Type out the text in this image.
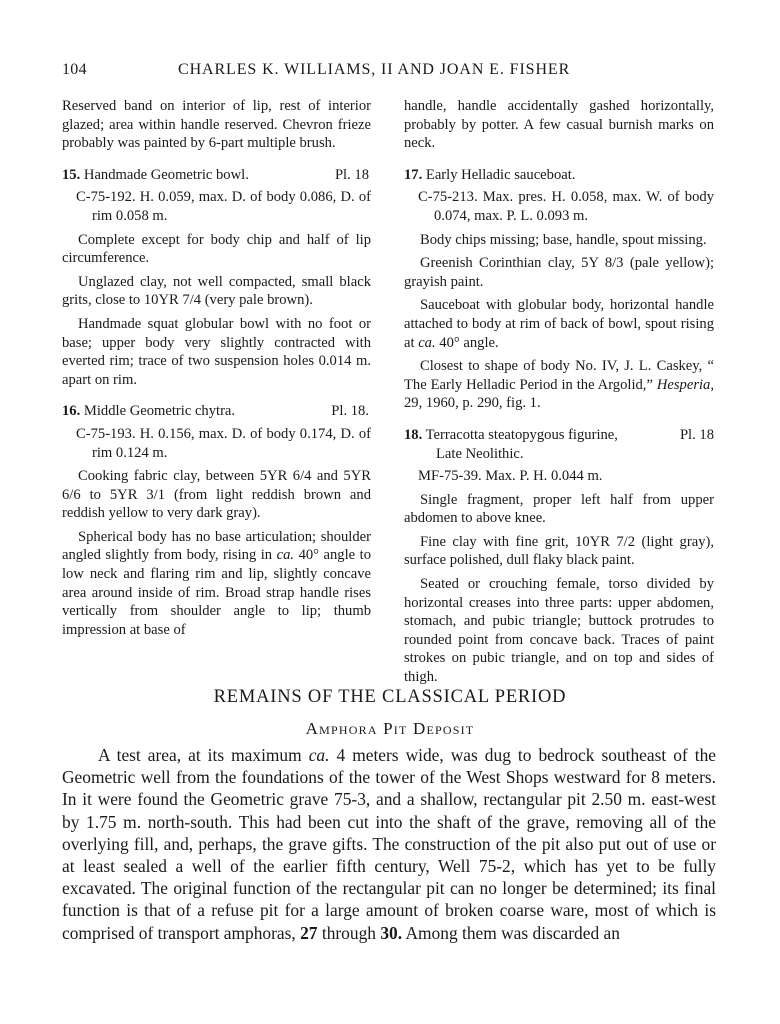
104	CHARLES K. WILLIAMS, II AND JOAN E. FISHER

Reserved band on interior of lip, rest of interior glazed; area within handle reserved. Chevron frieze probably was painted by 6-part multiple brush.

15. Handmade Geometric bowl.	Pl. 18

C-75-192. H. 0.059, max. D. of body 0.086, D. of rim 0.058 m.

Complete except for body chip and half of lip circumference.

Unglazed clay, not well compacted, small black grits, close to 10YR 7/4 (very pale brown).

Handmade squat globular bowl with no foot or base; upper body very slightly contracted with everted rim; trace of two suspension holes 0.014 m. apart on rim.

16. Middle Geometric chytra.	Pl. 18.

C-75-193. H. 0.156, max. D. of body 0.174, D. of rim 0.124 m.

Cooking fabric clay, between 5YR 6/4 and 5YR 6/6 to 5YR 3/1 (from light reddish brown and reddish yellow to very dark gray).

Spherical body has no base articulation; shoulder angled slightly from body, rising in ca. 40° angle to low neck and flaring rim and lip, slightly concave area around inside of rim. Broad strap handle rises vertically from shoulder angle to lip; thumb impression at base of

handle, handle accidentally gashed horizontally, probably by potter. A few casual burnish marks on neck.

17. Early Helladic sauceboat.

C-75-213. Max. pres. H. 0.058, max. W. of body 0.074, max. P. L. 0.093 m.

Body chips missing; base, handle, spout missing.

Greenish Corinthian clay, 5Y 8/3 (pale yellow); grayish paint.

Sauceboat with globular body, horizontal handle attached to body at rim of back of bowl, spout rising at ca. 40° angle.

Closest to shape of body No. IV, J. L. Caskey, “ The Early Helladic Period in the Argolid,” Hesperia, 29, 1960, p. 290, fig. 1.

18. Terracotta steatopygous figurine,	Pl. 18
Late Neolithic.

MF-75-39. Max. P. H. 0.044 m.

Single fragment, proper left half from upper abdomen to above knee.

Fine clay with fine grit, 10YR 7/2 (light gray), surface polished, dull flaky black paint.

Seated or crouching female, torso divided by horizontal creases into three parts: upper abdomen, stomach, and pubic triangle; buttock protrudes to rounded point from concave back. Traces of paint strokes on pubic triangle, and on top and sides of thigh.

REMAINS OF THE CLASSICAL PERIOD
Amphora Pit Deposit

A test area, at its maximum ca. 4 meters wide, was dug to bedrock southeast of the Geometric well from the foundations of the tower of the West Shops westward for 8 meters. In it were found the Geometric grave 75-3, and a shallow, rectangular pit 2.50 m. east-west by 1.75 m. north-south. This had been cut into the shaft of the grave, removing all of the overlying fill, and, perhaps, the grave gifts. The construction of the pit also put out of use or at least sealed a well of the earlier fifth century, Well 75-2, which has yet to be fully excavated. The original function of the rectangular pit can no longer be determined; its final function is that of a refuse pit for a large amount of broken coarse ware, most of which is comprised of transport amphoras, 27 through 30. Among them was discarded an
